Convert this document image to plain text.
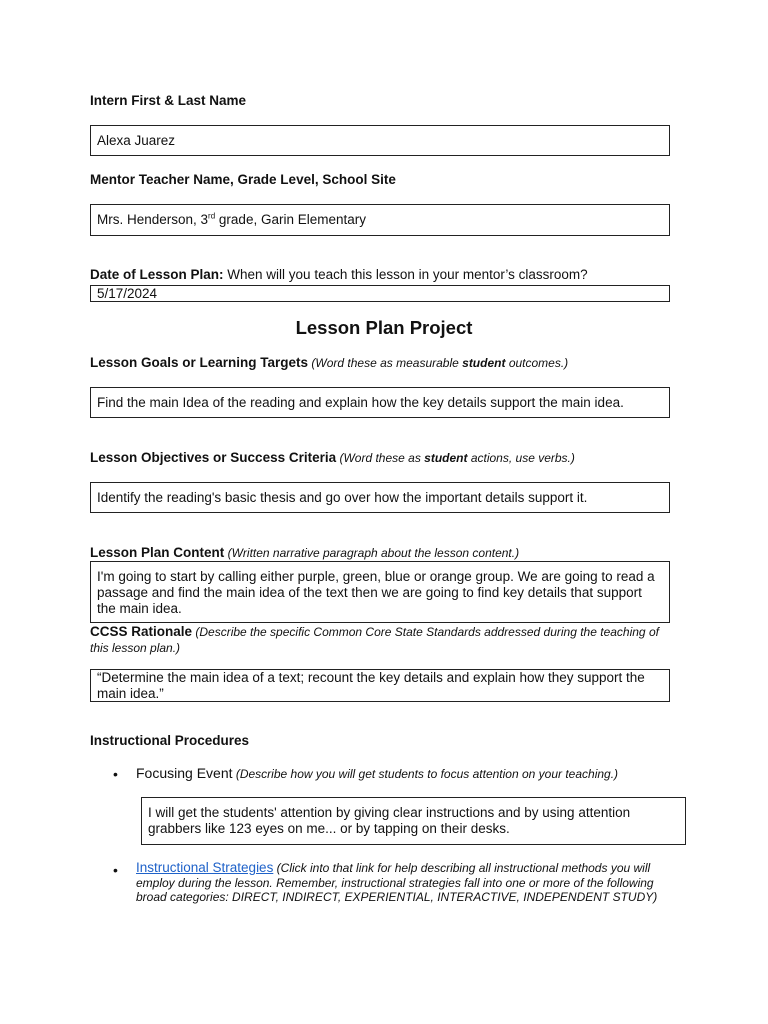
Intern First & Last Name
Alexa Juarez
Mentor Teacher Name, Grade Level, School Site
Mrs. Henderson, 3rd grade, Garin Elementary
Date of Lesson Plan: When will you teach this lesson in your mentor’s classroom?
5/17/2024
Lesson Plan Project
Lesson Goals or Learning Targets (Word these as measurable student outcomes.)
Find the main Idea of the reading and explain how the key details support the main idea.
Lesson Objectives or Success Criteria (Word these as student actions, use verbs.)
Identify the reading's basic thesis and go over how the important details support it.
Lesson Plan Content (Written narrative paragraph about the lesson content.)
I'm going to start by calling either purple, green, blue or orange group. We are going to read a passage and find the main idea of the text then we are going to find key details that support the main idea.
CCSS Rationale (Describe the specific Common Core State Standards addressed during the teaching of this lesson plan.)
“Determine the main idea of a text; recount the key details and explain how they support the main idea.”
Instructional Procedures
• Focusing Event (Describe how you will get students to focus attention on your teaching.)
I will get the students' attention by giving clear instructions and by using attention grabbers like 123 eyes on me... or by tapping on their desks.
• Instructional Strategies (Click into that link for help describing all instructional methods you will employ during the lesson. Remember, instructional strategies fall into one or more of the following broad categories: DIRECT, INDIRECT, EXPERIENTIAL, INTERACTIVE, INDEPENDENT STUDY)
